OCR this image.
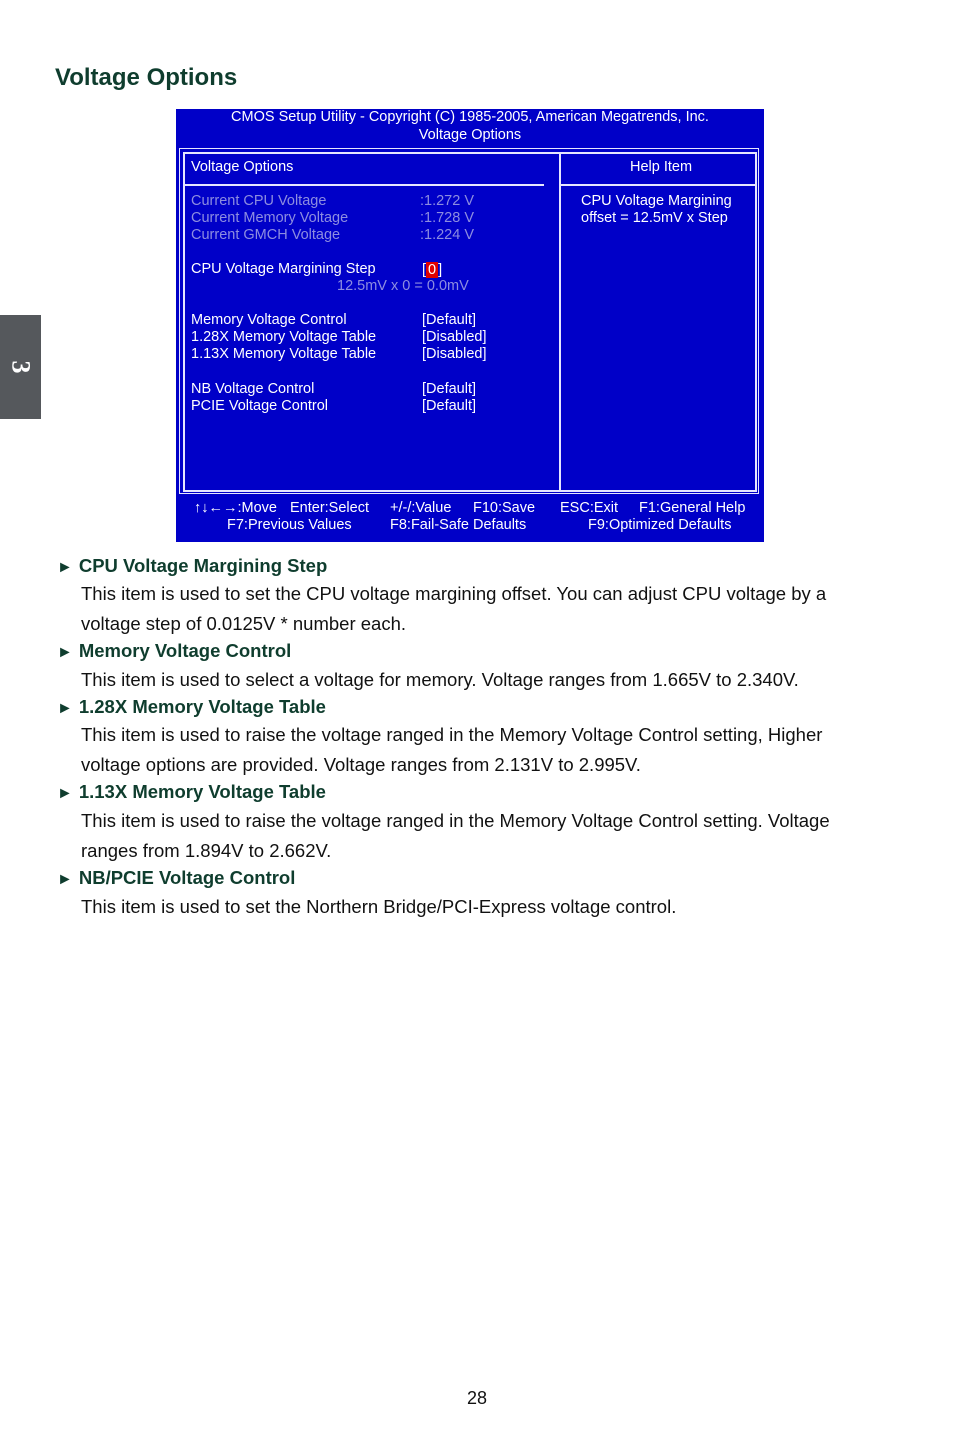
Voltage Options
3
CMOS Setup Utility - Copyright (C) 1985-2005, American Megatrends, Inc.
Voltage Options
Voltage Options	Help Item
Current CPU Voltage	:1.272 V
Current Memory Voltage	:1.728 V
Current GMCH Voltage	:1.224 V
CPU Voltage Margining Step	[ 0 ]
12.5mV x 0 = 0.0mV
Memory Voltage Control	[Default]
1.28X Memory Voltage Table	[Disabled]
1.13X Memory Voltage Table	[Disabled]
NB Voltage Control	[Default]
PCIE Voltage Control	[Default]
CPU Voltage Margining
offset = 12.5mV x Step
↑↓←→:Move Enter:Select +/-/:Value F10:Save ESC:Exit F1:General Help
F7:Previous Values	F8:Fail-Safe Defaults	F9:Optimized Defaults
► CPU Voltage Margining Step

This item is used to set the CPU voltage margining offset. You can adjust CPU voltage by a
voltage step of 0.0125V * number each.

► Memory Voltage Control

This item is used to select a voltage for memory. Voltage ranges from 1.665V to 2.340V.

► 1.28X Memory Voltage Table

This item is used to raise the voltage ranged in the Memory Voltage Control setting, Higher
voltage options are provided. Voltage ranges from 2.131V to 2.995V.

► 1.13X Memory Voltage Table

This item is used to raise the voltage ranged in the Memory Voltage Control setting. Voltage
ranges from 1.894V to 2.662V.

► NB/PCIE Voltage Control

This item is used to set the Northern Bridge/PCI-Express voltage control.

28
